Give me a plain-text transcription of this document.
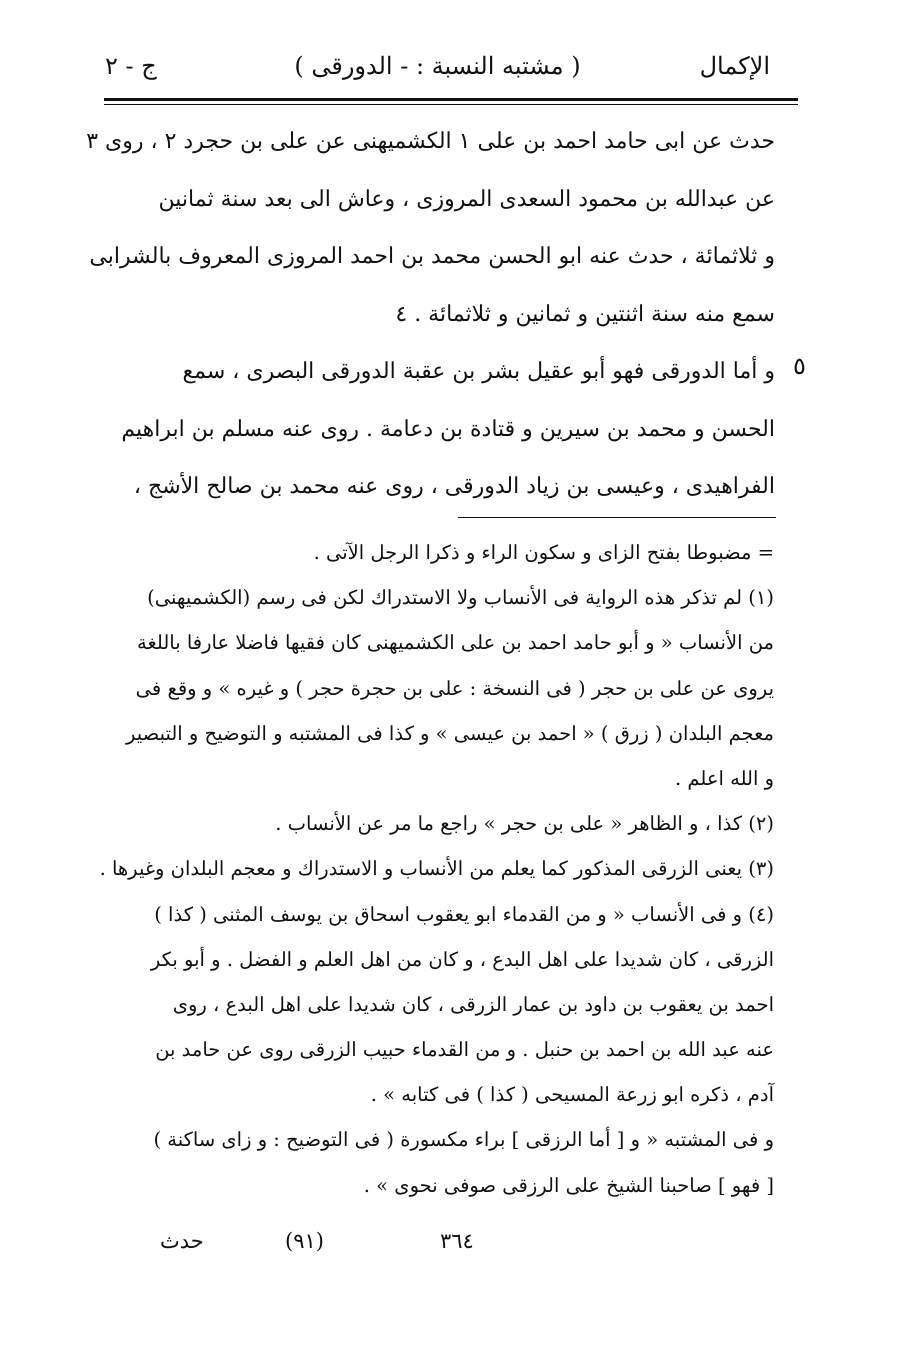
الإكمال
( مشتبه النسبة : - الدورقى )
ج - ٢
٥
حدث عن ابى حامد احمد بن على ١ الكشميهنى عن على بن حجرد ٢ ، روى ٣
عن عبدالله بن محمود السعدى المروزى ، وعاش الى بعد سنة ثمانين
و ثلاثمائة ، حدث عنه ابو الحسن محمد بن احمد المروزى المعروف بالشرابى
سمع منه سنة اثنتين و ثمانين و ثلاثمائة . ٤
و أما الدورقى فهو أبو عقيل بشر بن عقبة الدورقى البصرى ، سمع
الحسن و محمد بن سيرين و قتادة بن دعامة . روى عنه مسلم بن ابراهيم
الفراهيدى ، وعيسى بن زياد الدورقى ، روى عنه محمد بن صالح الأشج ،
= مضبوطا بفتح الزاى و سكون الراء و ذكرا الرجل الآتى .
(١) لم تذكر هذه الرواية فى الأنساب ولا الاستدراك لكن فى رسم (الكشميهنى)
من الأنساب « و أبو حامد احمد بن على الكشميهنى كان فقيها فاضلا عارفا باللغة
يروى عن على بن حجر ( فى النسخة : على بن حجرة حجر ) و غيره » و وقع فى
معجم البلدان ( زرق ) « احمد بن عيسى » و كذا فى المشتبه و التوضيح و التبصير
و الله اعلم .
(٢) كذا ، و الظاهر « على بن حجر » راجع ما مر عن الأنساب .
(٣) يعنى الزرقى المذكور كما يعلم من الأنساب و الاستدراك و معجم البلدان وغيرها .
(٤) و فى الأنساب « و من القدماء ابو يعقوب اسحاق بن يوسف المثنى ( كذا )
الزرقى ، كان شديدا على اهل البدع ، و كان من اهل العلم و الفضل . و أبو بكر
احمد بن يعقوب بن داود بن عمار الزرقى ، كان شديدا على اهل البدع ، روى
عنه عبد الله بن احمد بن حنبل . و من القدماء حبيب الزرقى روى عن حامد بن
آدم ، ذكره ابو زرعة المسيحى ( كذا ) فى كتابه » .
و فى المشتبه « و [ أما الرزقى ] براء مكسورة ( فى التوضيح : و زاى ساكنة )
[ فهو ] صاحبنا الشيخ على الرزقى صوفى نحوى » .
٣٦٤
(٩١)
حدث
